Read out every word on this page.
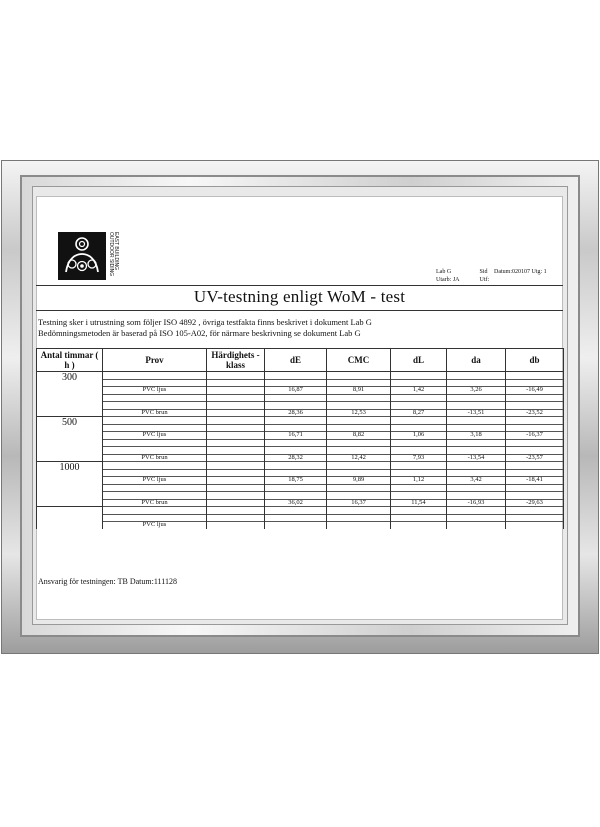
EAST BUILDING OUTDOOR SIDING	Lab G	Sid Datum:020107 Utg: 1
Utarb: JA	Utf:
UV-testning enligt WoM - test
Testning sker i utrustning som följer ISO 4892 , övriga testfakta finns beskrivet i dokument Lab G
Bedömningsmetoden är baserad på ISO 105-A02, för närmare beskrivning se dokument Lab G
Antal timmar ( h )	Prov	Härdighets -klass	dE	CMC	dL	da	db
300							

	PVC ljus		16,87	8,91	1,42	3,26	-16,49

	PVC brun		28,36	12,53	8,27	-13,51	-23,52
500							

	PVC ljus		16,71	8,82	1,06	3,18	-16,37

	PVC brun		28,32	12,42	7,93	-13,54	-23,57
1000							

	PVC ljus		18,75	9,89	1,12	3,42	-18,41

	PVC brun		36,02	16,37	11,54	-16,93	-29,63

	PVC ljus						
Ansvarig för testningen: TB Datum:111128
